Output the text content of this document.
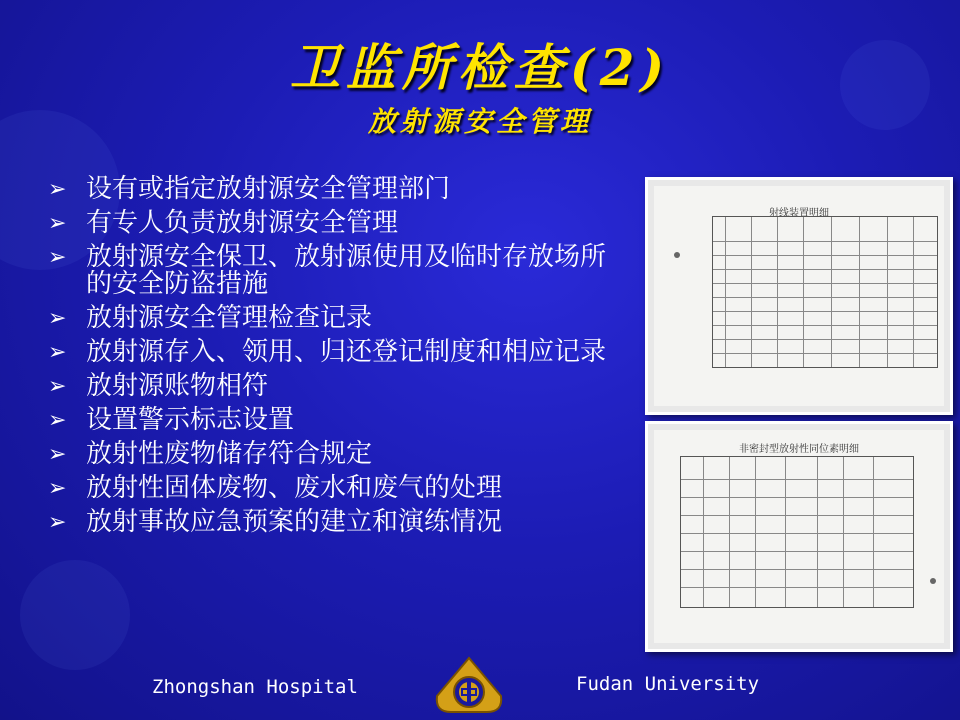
卫监所检查(2)
放射源安全管理
➢ 设有或指定放射源安全管理部门
➢ 有专人负责放射源安全管理
➢ 放射源安全保卫、放射源使用及临时存放场所的安全防盗措施
➢ 放射源安全管理检查记录
➢ 放射源存入、领用、归还登记制度和相应记录
➢ 放射源账物相符
➢ 设置警示标志设置
➢ 放射性废物储存符合规定
➢ 放射性固体废物、废水和废气的处理
➢ 放射事故应急预案的建立和演练情况
射线装置明细
非密封型放射性同位素明细
Zhongshan Hospital	Fudan University
